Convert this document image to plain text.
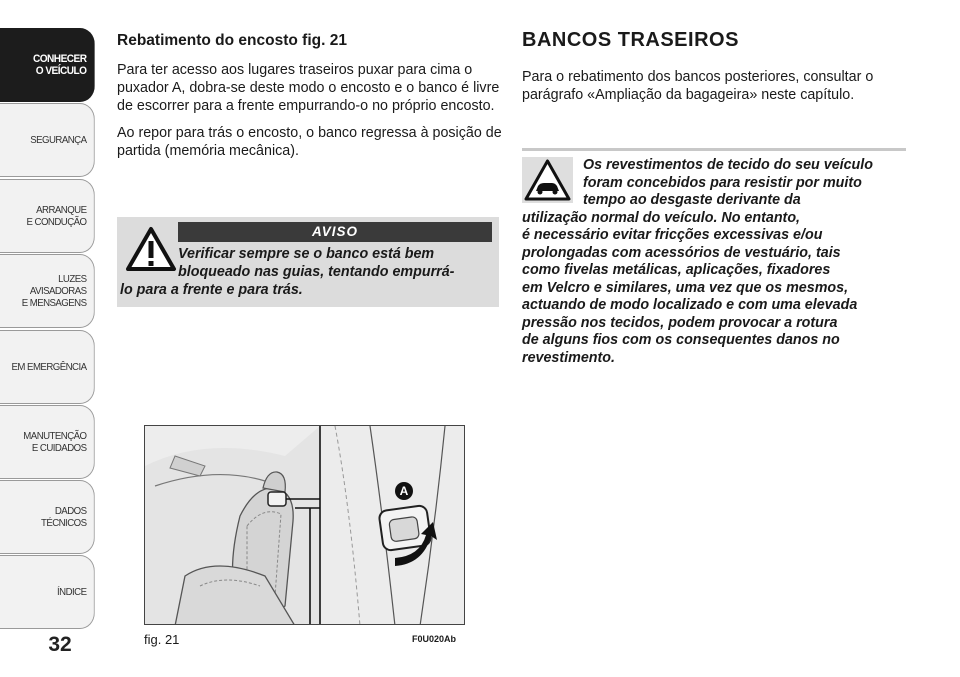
CONHECER
O VEÍCULO
SEGURANÇA
ARRANQUE
E CONDUÇÃO
LUZES
AVISADORAS
E MENSAGENS
EM EMERGÊNCIA
MANUTENÇÃO
E CUIDADOS
DADOS
TÉCNICOS
ÍNDICE
32
Rebatimento do encosto fig. 21

Para ter acesso aos lugares traseiros puxar para cima o puxador A, dobra-se deste modo o encosto e o banco é livre de escorrer para a frente empurrando-o no próprio encosto.

Ao repor para trás o encosto, o banco regressa à posição de partida (memória mecânica).

AVISO
Verificar sempre se o banco está bem
bloqueado nas guias, tentando empurrá-
lo para a frente e para trás.
A
fig. 21	F0U020Ab
BANCOS TRASEIROS

Para o rebatimento dos bancos posteriores, consultar o parágrafo «Ampliação da bagageira» neste capítulo.

Os revestimentos de tecido do seu veículo
foram concebidos para resistir por muito
tempo ao desgaste derivante da
utilização normal do veículo. No entanto,
é necessário evitar fricções excessivas e/ou
prolongadas com acessórios de vestuário, tais
como fivelas metálicas, aplicações, fixadores
em Velcro e similares, uma vez que os mesmos,
actuando de modo localizado e com uma elevada
pressão nos tecidos, podem provocar a rotura
de alguns fios com os consequentes danos no
revestimento.
